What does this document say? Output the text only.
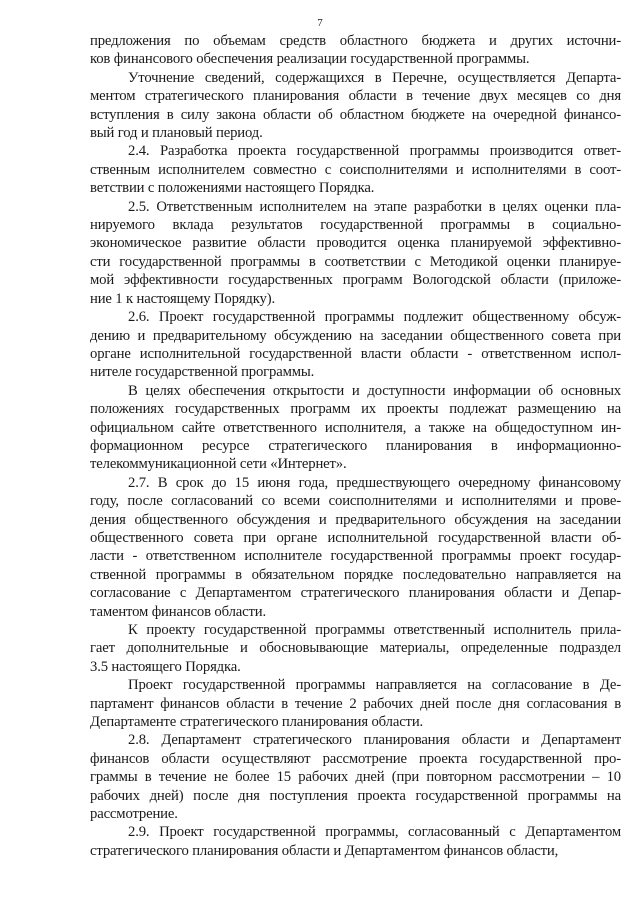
7

предложения по объемам средств областного бюджета и других источни-
ков финансового обеспечения реализации государственной программы.

Уточнение сведений, содержащихся в Перечне, осуществляется Департа-
ментом стратегического планирования области в течение двух месяцев со дня
вступления в силу закона области об областном бюджете на очередной финансо-
вый год и плановый период.

2.4. Разработка проекта государственной программы производится ответ-
ственным исполнителем совместно с соисполнителями и исполнителями в соот-
ветствии с положениями настоящего Порядка.

2.5. Ответственным исполнителем на этапе разработки в целях оценки пла-
нируемого вклада результатов государственной программы в социально-
экономическое развитие области проводится оценка планируемой эффективно-
сти государственной программы в соответствии с Методикой оценки планируе-
мой эффективности государственных программ Вологодской области (приложе-
ние 1 к настоящему Порядку).

2.6. Проект государственной программы подлежит общественному обсуж-
дению и предварительному обсуждению на заседании общественного совета при
органе исполнительной государственной власти области - ответственном испол-
нителе государственной программы.

В целях обеспечения открытости и доступности информации об основных
положениях государственных программ их проекты подлежат размещению на
официальном сайте ответственного исполнителя, а также на общедоступном ин-
формационном ресурсе стратегического планирования в информационно-
телекоммуникационной сети «Интернет».

2.7. В срок до 15 июня года, предшествующего очередному финансовому
году, после согласований со всеми соисполнителями и исполнителями и прове-
дения общественного обсуждения и предварительного обсуждения на заседании
общественного совета при органе исполнительной государственной власти об-
ласти - ответственном исполнителе государственной программы проект государ-
ственной программы в обязательном порядке последовательно направляется на
согласование с Департаментом стратегического планирования области и Депар-
таментом финансов области.

К проекту государственной программы ответственный исполнитель прила-
гает дополнительные и обосновывающие материалы, определенные подраздел
3.5 настоящего Порядка.

Проект государственной программы направляется на согласование в Де-
партамент финансов области в течение 2 рабочих дней после дня согласования в
Департаменте стратегического планирования области.

2.8. Департамент стратегического планирования области и Департамент
финансов области осуществляют рассмотрение проекта государственной про-
граммы в течение не более 15 рабочих дней (при повторном рассмотрении – 10
рабочих дней) после дня поступления проекта государственной программы на
рассмотрение.

2.9. Проект государственной программы, согласованный с Департаментом
стратегического планирования области и Департаментом финансов области,
